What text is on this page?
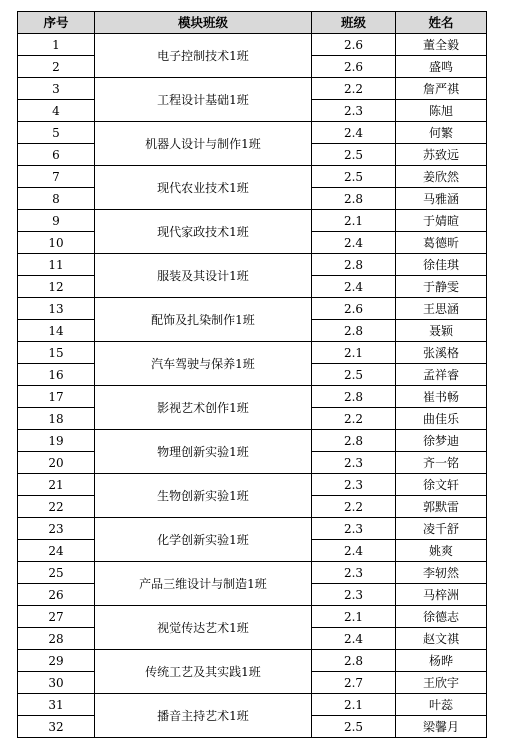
序号	模块班级	班级	姓名
1	电子控制技术1班	2.6	董全毅
2		2.6	盛鸣
3	工程设计基础1班	2.2	詹严祺
4		2.3	陈旭
5	机器人设计与制作1班	2.4	何繁
6		2.5	苏致远
7	现代农业技术1班	2.5	姜欣然
8		2.8	马雅涵
9	现代家政技术1班	2.1	于婧暄
10		2.4	葛德昕
11	服装及其设计1班	2.8	徐佳琪
12		2.4	于静雯
13	配饰及扎染制作1班	2.6	王思涵
14		2.8	聂颖
15	汽车驾驶与保养1班	2.1	张溪格
16		2.5	孟祥睿
17	影视艺术创作1班	2.8	崔书畅
18		2.2	曲佳乐
19	物理创新实验1班	2.8	徐梦迪
20		2.3	齐一铭
21	生物创新实验1班	2.3	徐文轩
22		2.2	郭默雷
23	化学创新实验1班	2.3	凌千舒
24		2.4	姚爽
25	产品三维设计与制造1班	2.3	李轫然
26		2.3	马梓洲
27	视觉传达艺术1班	2.1	徐德志
28		2.4	赵文祺
29	传统工艺及其实践1班	2.8	杨晔
30		2.7	王欣宇
31	播音主持艺术1班	2.1	叶蕊
32		2.5	梁馨月
